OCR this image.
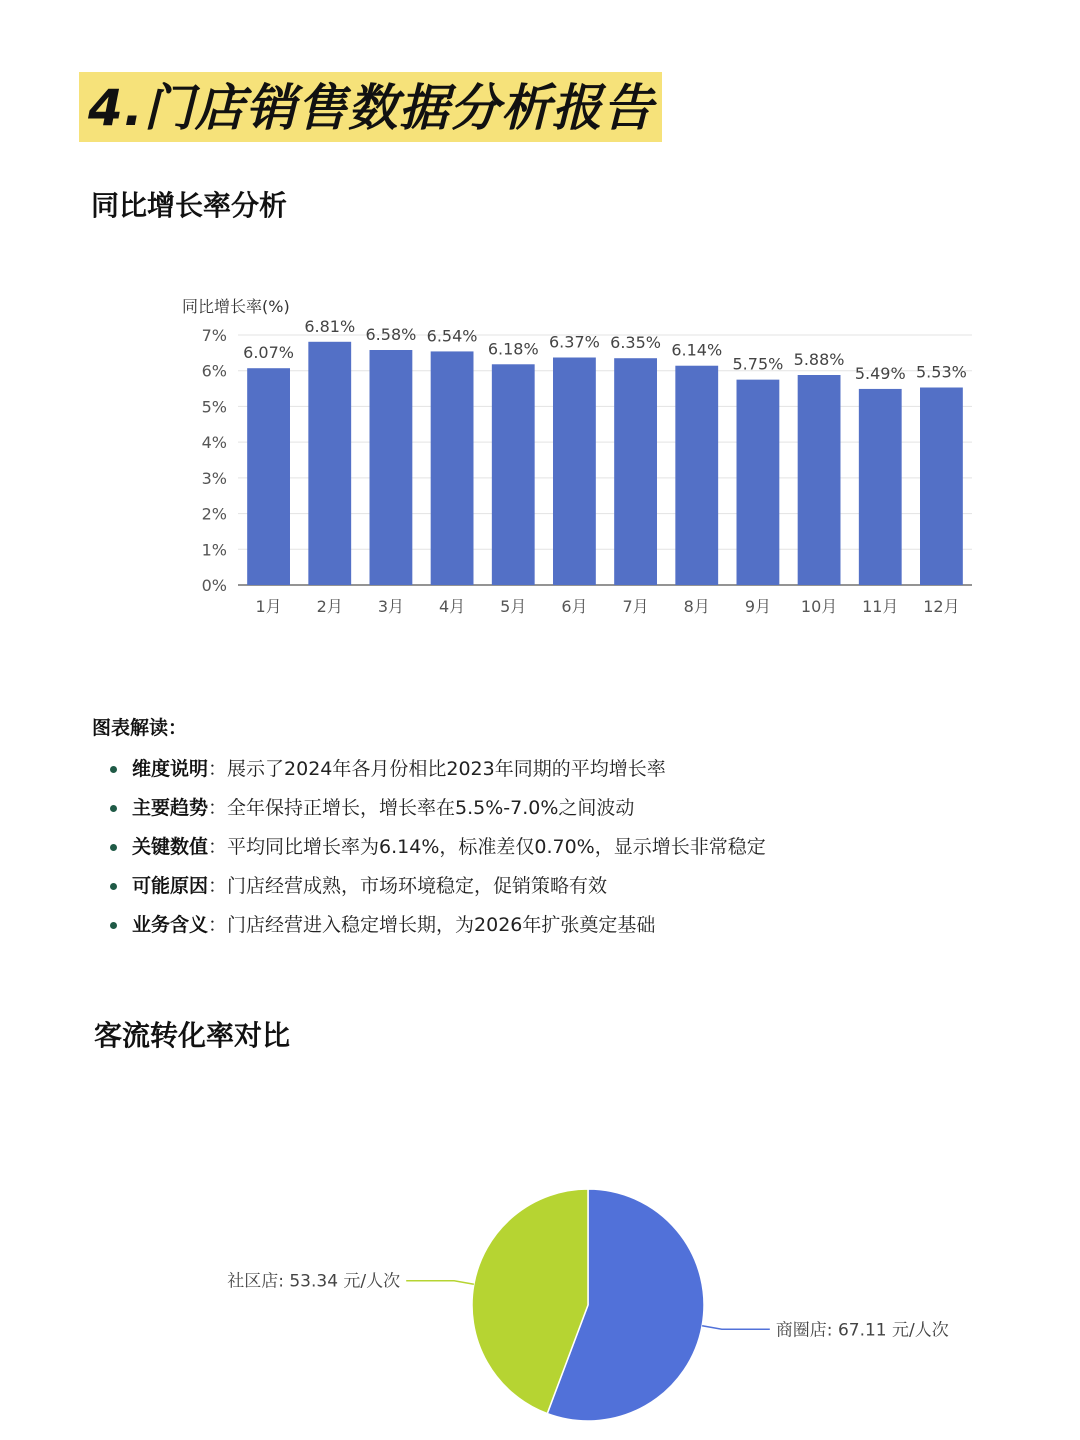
4.门店销售数据分析报告
同比增长率分析
同比增长率(%)
0%
1%
2%
3%
4%
5%
6%
7%
6.07%
1月
6.81%
2月
6.58%
3月
6.54%
4月
6.18%
5月
6.37%
6月
6.35%
7月
6.14%
8月
5.75%
9月
5.88%
10月
5.49%
11月
5.53%
12月

图表解读：

维度说明：展示了2024年各月份相比2023年同期的平均增长率
主要趋势：全年保持正增长，增长率在5.5%-7.0%之间波动
关键数值：平均同比增长率为6.14%，标准差仅0.70%，显示增长非常稳定
可能原因：门店经营成熟，市场环境稳定，促销策略有效
业务含义：门店经营进入稳定增长期，为2026年扩张奠定基础
客流转化率对比
商圈店: 67.11 元/人次
社区店: 53.34 元/人次
